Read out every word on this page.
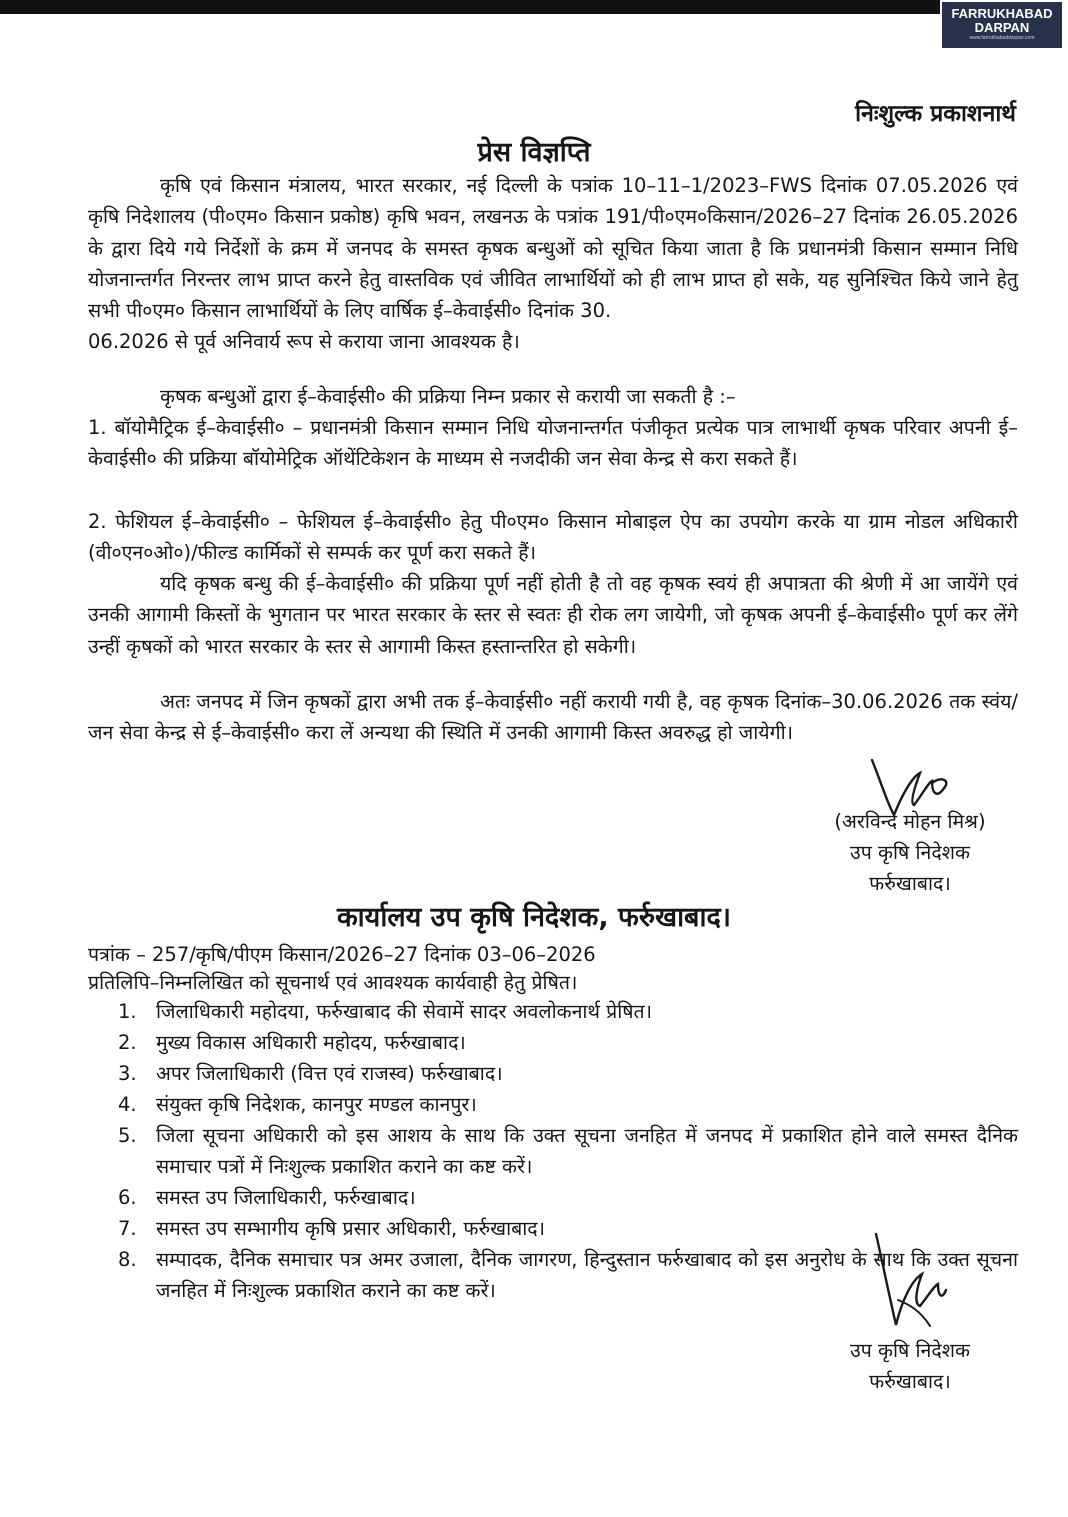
FARRUKHABAD
DARPAN
www.farrukhabaddarpan.com
निःशुल्क प्रकाशनार्थ
प्रेस विज्ञप्ति

कृषि एवं किसान मंत्रालय, भारत सरकार, नई दिल्ली के पत्रांक 10–11–1/2023–FWS दिनांक 07.05.2026 एवं कृषि निदेशालय (पी०एम० किसान प्रकोष्ठ) कृषि भवन, लखनऊ के पत्रांक 191/पी०एम०किसान/2026–27 दिनांक 26.05.2026 के द्वारा दिये गये निर्देशों के क्रम में जनपद के समस्त कृषक बन्धुओं को सूचित किया जाता है कि प्रधानमंत्री किसान सम्मान निधि योजनान्तर्गत निरन्तर लाभ प्राप्त करने हेतु वास्तविक एवं जीवित लाभार्थियों को ही लाभ प्राप्त हो सके, यह सुनिश्चित किये जाने हेतु सभी पी०एम० किसान लाभार्थियों के लिए वार्षिक ई–केवाईसी० दिनांक 30.
06.2026 से पूर्व अनिवार्य रूप से कराया जाना आवश्यक है।

कृषक बन्धुओं द्वारा ई–केवाईसी० की प्रक्रिया निम्न प्रकार से करायी जा सकती है :–

1. बॉयोमैट्रिक ई–केवाईसी० – प्रधानमंत्री किसान सम्मान निधि योजनान्तर्गत पंजीकृत प्रत्येक पात्र लाभार्थी कृषक परिवार अपनी ई–केवाईसी० की प्रक्रिया बॉयोमेट्रिक ऑथेंटिकेशन के माध्यम से नजदीकी जन सेवा केन्द्र से करा सकते हैं।

2. फेशियल ई–केवाईसी० – फेशियल ई–केवाईसी० हेतु पी०एम० किसान मोबाइल ऐप का उपयोग करके या ग्राम नोडल अधिकारी (वी०एन०ओ०)/फील्ड कार्मिकों से सम्पर्क कर पूर्ण करा सकते हैं।

यदि कृषक बन्धु की ई–केवाईसी० की प्रक्रिया पूर्ण नहीं होती है तो वह कृषक स्वयं ही अपात्रता की श्रेणी में आ जायेंगे एवं उनकी आगामी किस्तों के भुगतान पर भारत सरकार के स्तर से स्वतः ही रोक लग जायेगी, जो कृषक अपनी ई–केवाईसी० पूर्ण कर लेंगे उन्हीं कृषकों को भारत सरकार के स्तर से आगामी किस्त हस्तान्तरित हो सकेगी।

अतः जनपद में जिन कृषकों द्वारा अभी तक ई–केवाईसी० नहीं करायी गयी है, वह कृषक दिनांक–30.06.2026 तक स्वंय/जन सेवा केन्द्र से ई–केवाईसी० करा लें अन्यथा की स्थिति में उनकी आगामी किस्त अवरुद्ध हो जायेगी।

(अरविन्द मोहन मिश्र)
उप कृषि निदेशक
फर्रुखाबाद।
कार्यालय उप कृषि निदेशक, फर्रुखाबाद।
पत्रांक – 257/कृषि/पीएम किसान/2026–27 दिनांक 03–06–2026
प्रतिलिपि–निम्नलिखित को सूचनार्थ एवं आवश्यक कार्यवाही हेतु प्रेषित।
1. जिलाधिकारी महोदया, फर्रुखाबाद की सेवामें सादर अवलोकनार्थ प्रेषित।
2. मुख्य विकास अधिकारी महोदय, फर्रुखाबाद।
3. अपर जिलाधिकारी (वित्त एवं राजस्व) फर्रुखाबाद।
4. संयुक्त कृषि निदेशक, कानपुर मण्डल कानपुर।
5. जिला सूचना अधिकारी को इस आशय के साथ कि उक्त सूचना जनहित में जनपद में प्रकाशित होने वाले समस्त दैनिक समाचार पत्रों में निःशुल्क प्रकाशित कराने का कष्ट करें।
6. समस्त उप जिलाधिकारी, फर्रुखाबाद।
7. समस्त उप सम्भागीय कृषि प्रसार अधिकारी, फर्रुखाबाद।
8. सम्पादक, दैनिक समाचार पत्र अमर उजाला, दैनिक जागरण, हिन्दुस्तान फर्रुखाबाद को इस अनुरोध के साथ कि उक्त सूचना जनहित में निःशुल्क प्रकाशित कराने का कष्ट करें।
उप कृषि निदेशक
फर्रुखाबाद।
